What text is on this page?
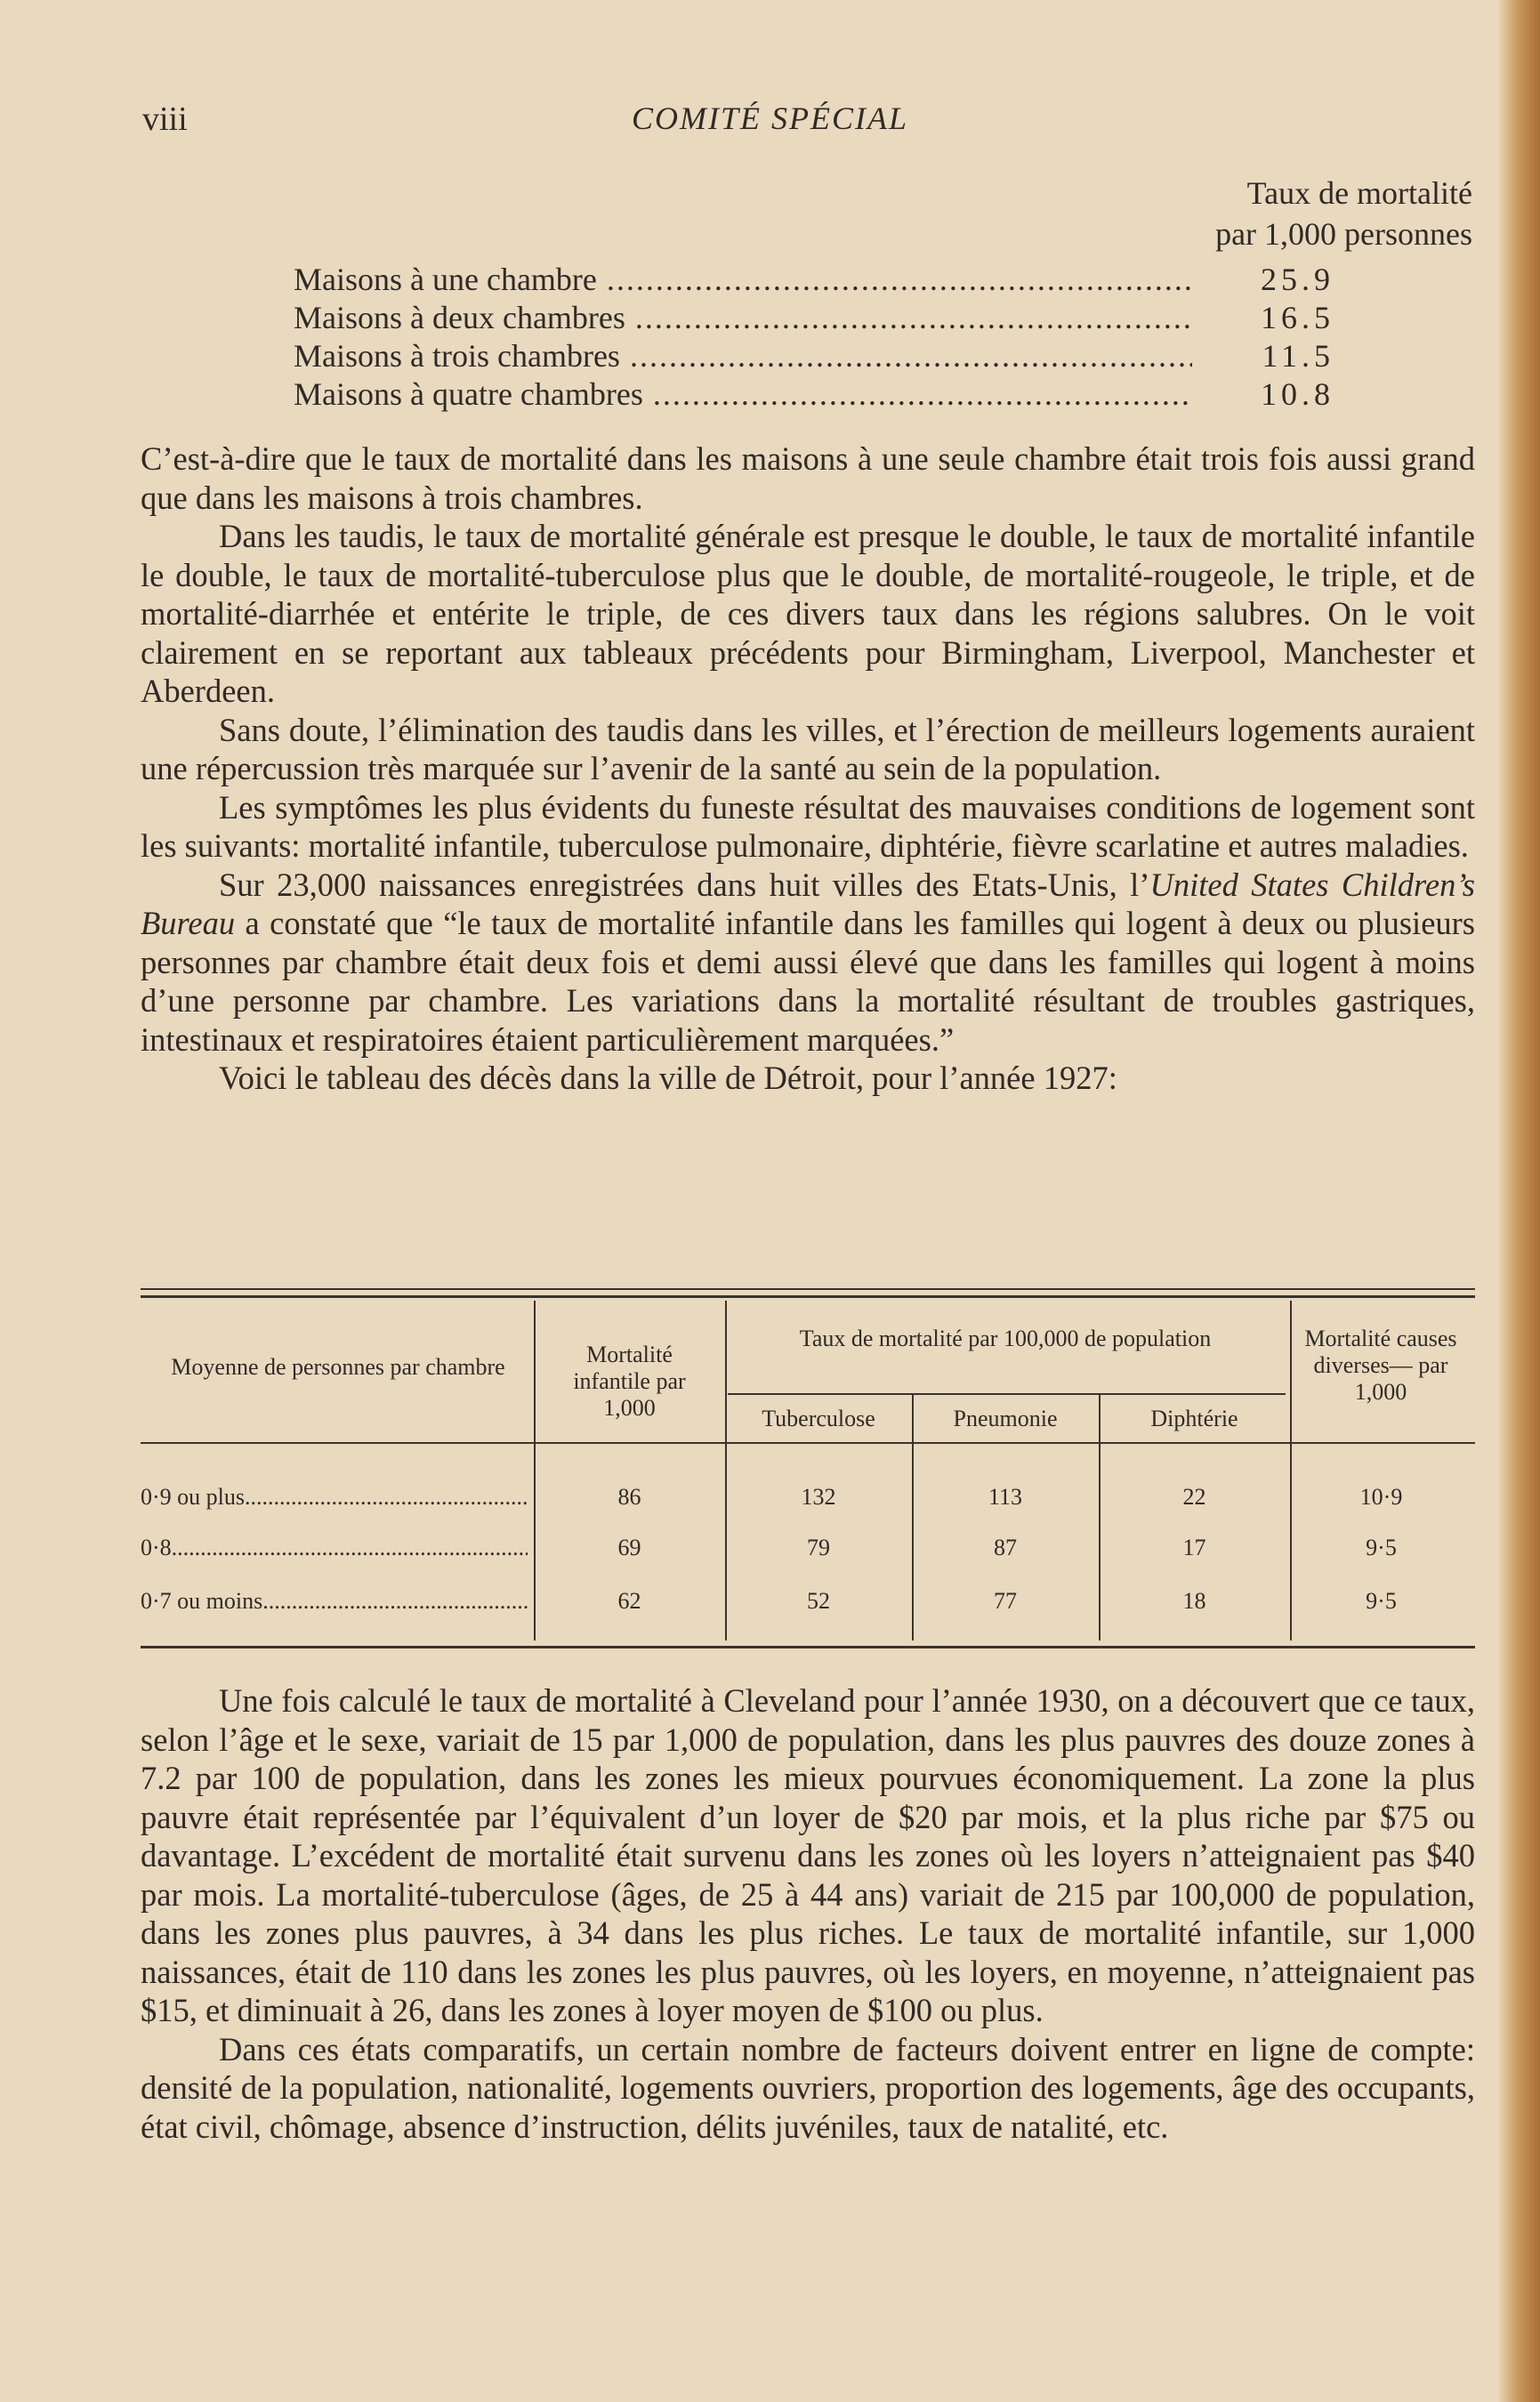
viii	COMITÉ SPÉCIAL
Taux de mortalité
par 1,000 personnes
Maisons à une chambre .....	25.9
Maisons à deux chambres .....	16.5
Maisons à trois chambres .....	11.5
Maisons à quatre chambres .....	10.8

C’est-à-dire que le taux de mortalité dans les maisons à une seule chambre était trois fois aussi grand que dans les maisons à trois chambres.

Dans les taudis, le taux de mortalité générale est presque le double, le taux de mortalité infantile le double, le taux de mortalité-tuberculose plus que le double, de mortalité-rougeole, le triple, et de mortalité-diarrhée et entérite le triple, de ces divers taux dans les régions salubres. On le voit clairement en se reportant aux tableaux précédents pour Birmingham, Liverpool, Manchester et Aberdeen.

Sans doute, l’élimination des taudis dans les villes, et l’érection de meilleurs logements auraient une répercussion très marquée sur l’avenir de la santé au sein de la population.

Les symptômes les plus évidents du funeste résultat des mauvaises conditions de logement sont les suivants: mortalité infantile, tuberculose pulmonaire, diphtérie, fièvre scarlatine et autres maladies.

Sur 23,000 naissances enregistrées dans huit villes des Etats-Unis, l’United States Children’s Bureau a constaté que “le taux de mortalité infantile dans les familles qui logent à deux ou plusieurs personnes par chambre était deux fois et demi aussi élevé que dans les familles qui logent à moins d’une personne par chambre. Les variations dans la mortalité résultant de troubles gastriques, intestinaux et respiratoires étaient particulièrement marquées.”

Voici le tableau des décès dans la ville de Détroit, pour l’année 1927:

Moyenne de personnes par chambre	Mortalité infantile par 1,000
Taux de mortalité par 100,000 de population
Tuberculose	Pneumonie	Diphtérie
Mortalité causes diverses— par 1,000
0·9 ou plus .....	86	132	113	22	10·9
0·8 .....	69	79	87	17	9·5
0·7 ou moins .....	62	52	77	18	9·5

Une fois calculé le taux de mortalité à Cleveland pour l’année 1930, on a découvert que ce taux, selon l’âge et le sexe, variait de 15 par 1,000 de population, dans les plus pauvres des douze zones à 7.2 par 100 de population, dans les zones les mieux pourvues économiquement. La zone la plus pauvre était représentée par l’équivalent d’un loyer de $20 par mois, et la plus riche par $75 ou davantage. L’excédent de mortalité était survenu dans les zones où les loyers n’atteignaient pas $40 par mois. La mortalité-tuberculose (âges, de 25 à 44 ans) variait de 215 par 100,000 de population, dans les zones plus pauvres, à 34 dans les plus riches. Le taux de mortalité infantile, sur 1,000 naissances, était de 110 dans les zones les plus pauvres, où les loyers, en moyenne, n’atteignaient pas $15, et diminuait à 26, dans les zones à loyer moyen de $100 ou plus.

Dans ces états comparatifs, un certain nombre de facteurs doivent entrer en ligne de compte: densité de la population, nationalité, logements ouvriers, proportion des logements, âge des occupants, état civil, chômage, absence d’instruction, délits juvéniles, taux de natalité, etc.
